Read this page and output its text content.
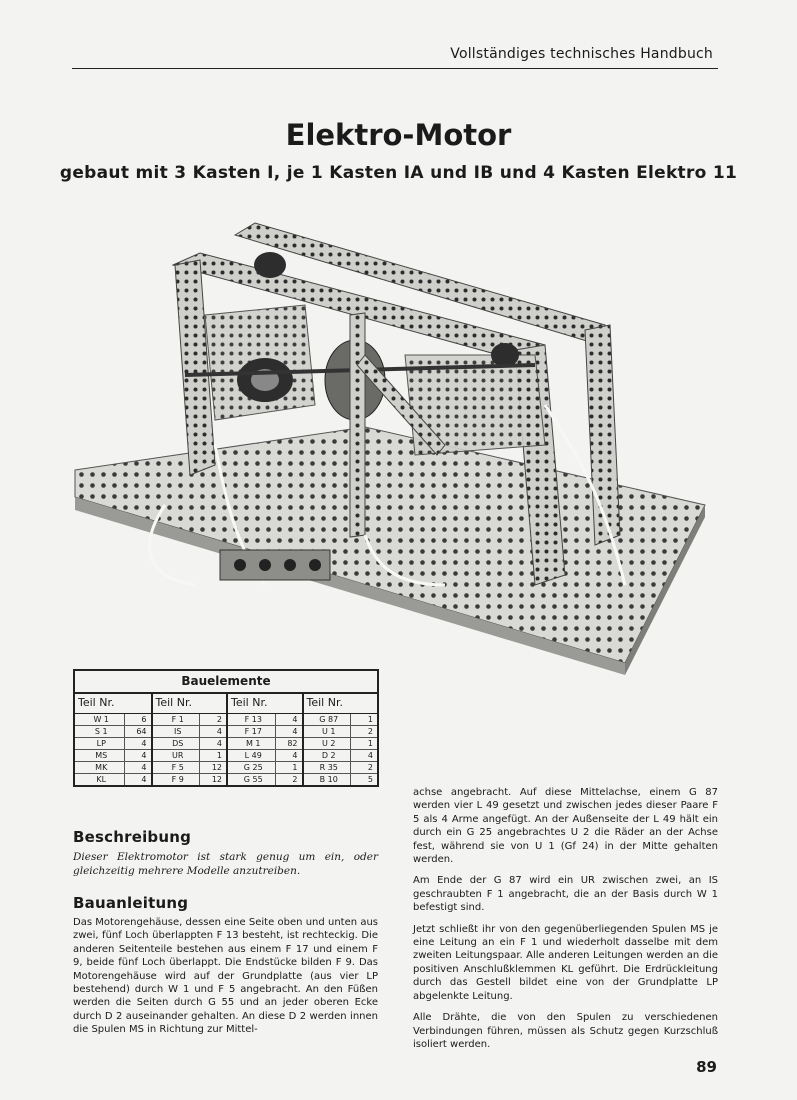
Vollständiges technisches Handbuch
Elektro-Motor
gebaut mit 3 Kasten I, je 1 Kasten IA und IB und 4 Kasten Elektro 11
Bauelemente
Teil Nr.
W 1	6
S 1	64
LP	4
MS	4
MK	4
KL	4
Teil Nr.
F 1	2
IS	4
DS	4
UR	1
F 5	12
F 9	12
Teil Nr.
F 13	4
F 17	4
M 1	82
L 49	4
G 25	1
G 55	2
Teil Nr.
G 87	1
U 1	2
U 2	1
D 2	4
R 35	2
B 10	5
Beschreibung

Dieser Elektromotor ist stark genug um ein, oder gleichzeitig mehrere Modelle anzutreiben.

Bauanleitung

Das Motorengehäuse, dessen eine Seite oben und unten aus zwei, fünf Loch überlappten F 13 besteht, ist rechteckig. Die anderen Seitenteile bestehen aus einem F 17 und einem F 9, beide fünf Loch überlappt. Die Endstücke bilden F 9. Das Motorengehäuse wird auf der Grundplatte (aus vier LP bestehend) durch W 1 und F 5 angebracht. An den Füßen werden die Seiten durch G 55 und an jeder oberen Ecke durch D 2 auseinander gehalten. An diese D 2 werden innen die Spulen MS in Richtung zur Mittel-

achse angebracht. Auf diese Mittelachse, einem G 87 werden vier L 49 gesetzt und zwischen jedes dieser Paare F 5 als 4 Arme angefügt. An der Außenseite der L 49 hält ein durch ein G 25 angebrachtes U 2 die Räder an der Achse fest, während sie von U 1 (Gf 24) in der Mitte gehalten werden.

Am Ende der G 87 wird ein UR zwischen zwei, an IS geschraubten F 1 angebracht, die an der Basis durch W 1 befestigt sind.

Jetzt schließt ihr von den gegenüberliegenden Spulen MS je eine Leitung an ein F 1 und wiederholt dasselbe mit dem zweiten Leitungspaar. Alle anderen Leitungen werden an die positiven Anschlußklemmen KL geführt. Die Erdrückleitung durch das Gestell bildet eine von der Grundplatte LP abgelenkte Leitung.

Alle Drähte, die von den Spulen zu verschiedenen Verbindungen führen, müssen als Schutz gegen Kurzschluß isoliert werden.

89
